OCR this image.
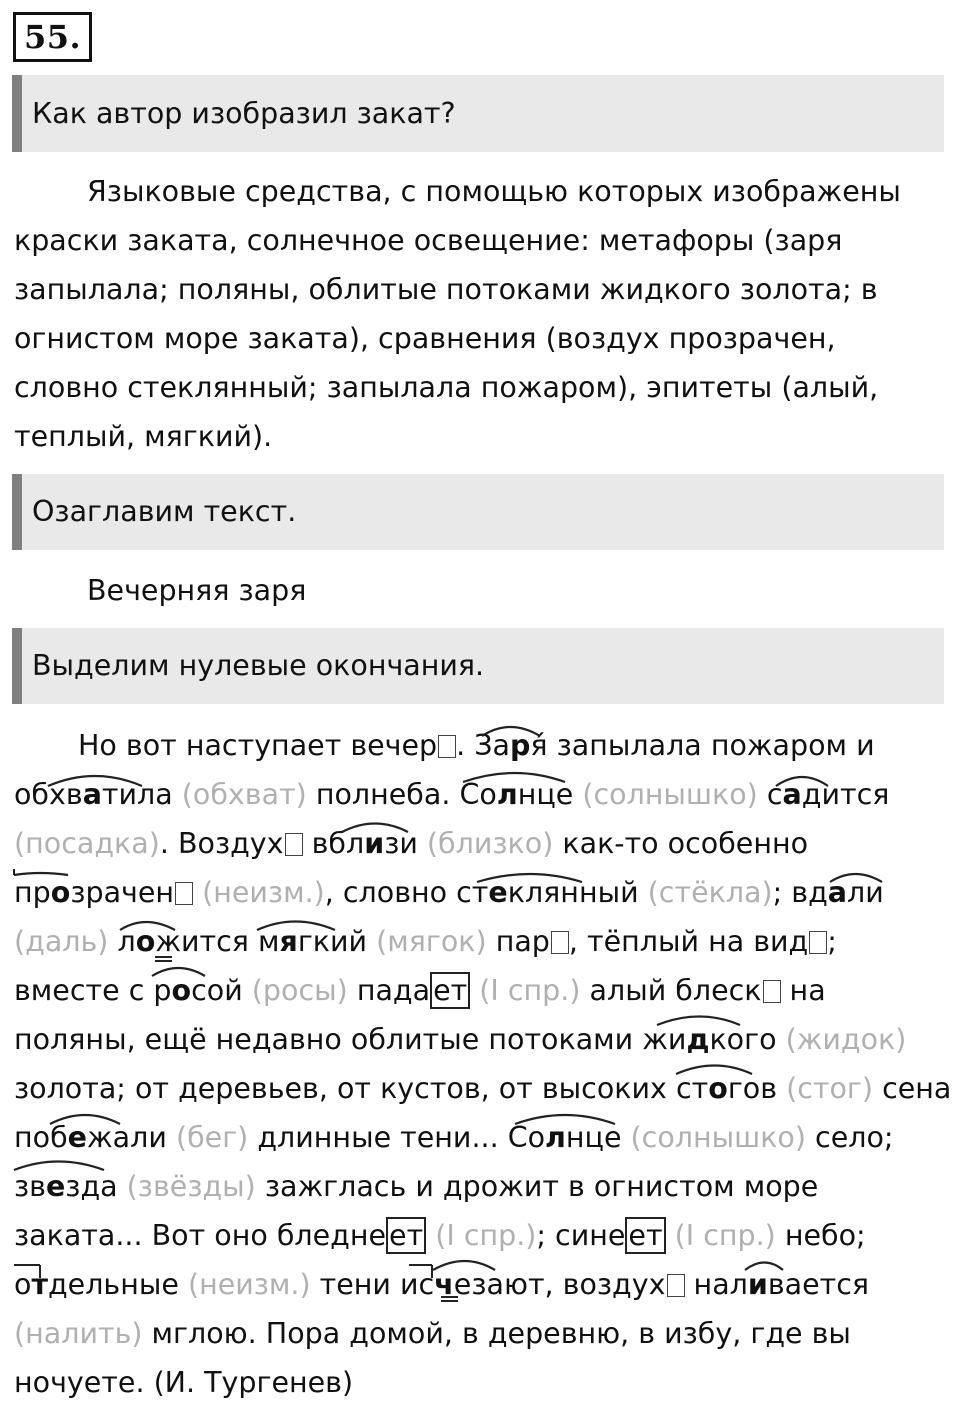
55.
Как автор изобразил закат?
Языковые средства, с помощью которых изображены
краски заката, солнечное освещение: метафоры (заря
запылала; поляны, облитые потоками жидкого золота; в
огнистом море заката), сравнения (воздух прозрачен,
словно стеклянный; запылала пожаром), эпитеты (алый,
теплый, мягкий).
Озаглавим текст.
Вечерняя заря
Выделим нулевые окончания.
Но вот наступает вечер . Заря́ запылала пожаром и
обхватила (обхват) полнеба. Солнце (солнышко) садится
(посадка). Воздух вблизи (близко) как-то особенно
прозрачен (неизм.), словно стеклянный (стёкла); вдали
(даль) ложится мягкий (мягок) пар , тёплый на вид ;
вместе с росой (росы) пада ет (I спр.) алый блеск на
поляны, ещё недавно облитые потоками жидкого (жидок)
золота; от деревьев, от кустов, от высоких стогов (стог) сена
побежали (бег) длинные тени... Солнце (солнышко) село;
звезда (звёзды) зажглась и дрожит в огнистом море
заката... Вот оно бледне ет (I спр.); сине ет (I спр.) небо;
отдельные (неизм.) тени исчезают, воздух наливается
(налить) мглою. Пора домой, в деревню, в избу, где вы
ночуете. (И. Тургенев)
